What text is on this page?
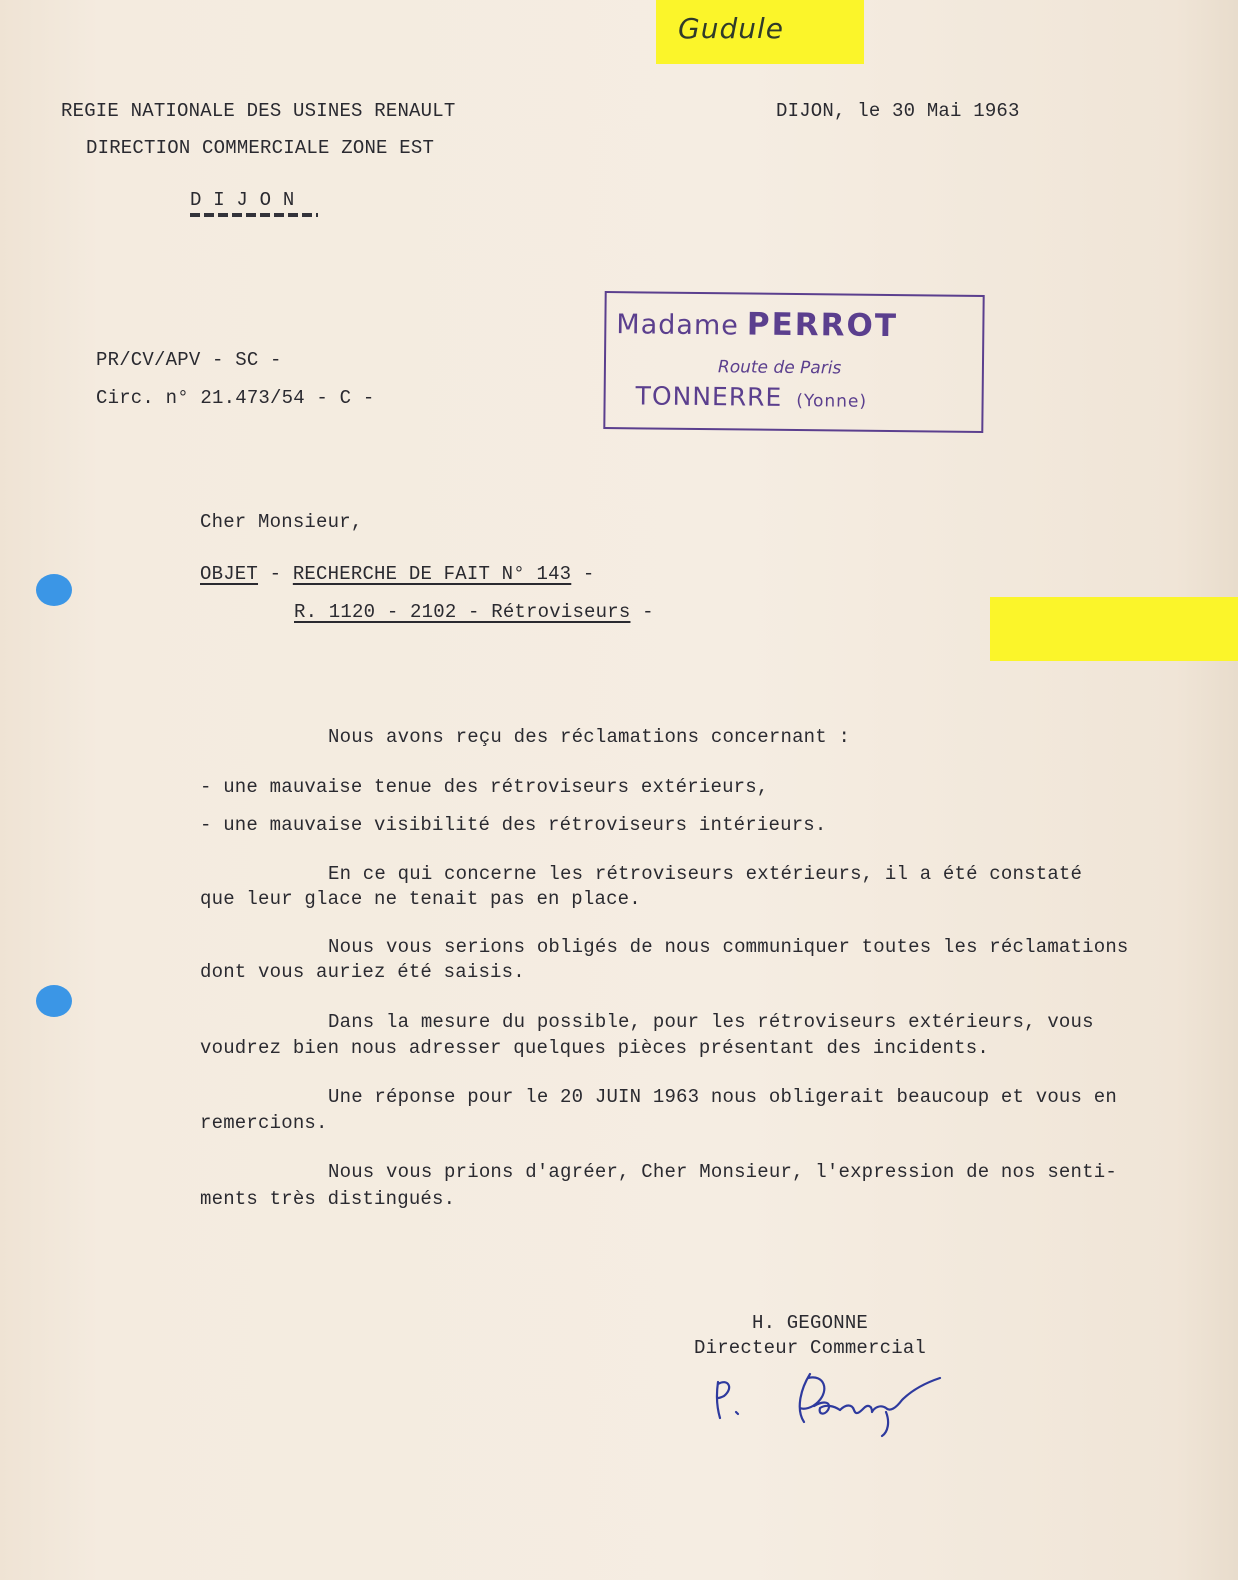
Gudule
REGIE NATIONALE DES USINES RENAULT
DIRECTION COMMERCIALE ZONE EST
D I J O N
DIJON, le 30 Mai 1963
Madame PERROT
Route de Paris
TONNERRE (Yonne)
PR/CV/APV - SC -
Circ. n° 21.473/54 - C -
Cher Monsieur,
OBJET - RECHERCHE DE FAIT N° 143 -
R. 1120 - 2102 - Rétroviseurs -
Nous avons reçu des réclamations concernant :
- une mauvaise tenue des rétroviseurs extérieurs,
- une mauvaise visibilité des rétroviseurs intérieurs.
En ce qui concerne les rétroviseurs extérieurs, il a été constaté
que leur glace ne tenait pas en place.
Nous vous serions obligés de nous communiquer toutes les réclamations
dont vous auriez été saisis.
Dans la mesure du possible, pour les rétroviseurs extérieurs, vous
voudrez bien nous adresser quelques pièces présentant des incidents.
Une réponse pour le 20 JUIN 1963 nous obligerait beaucoup et vous en
remercions.
Nous vous prions d'agréer, Cher Monsieur, l'expression de nos senti-
ments très distingués.
H. GEGONNE
Directeur Commercial
